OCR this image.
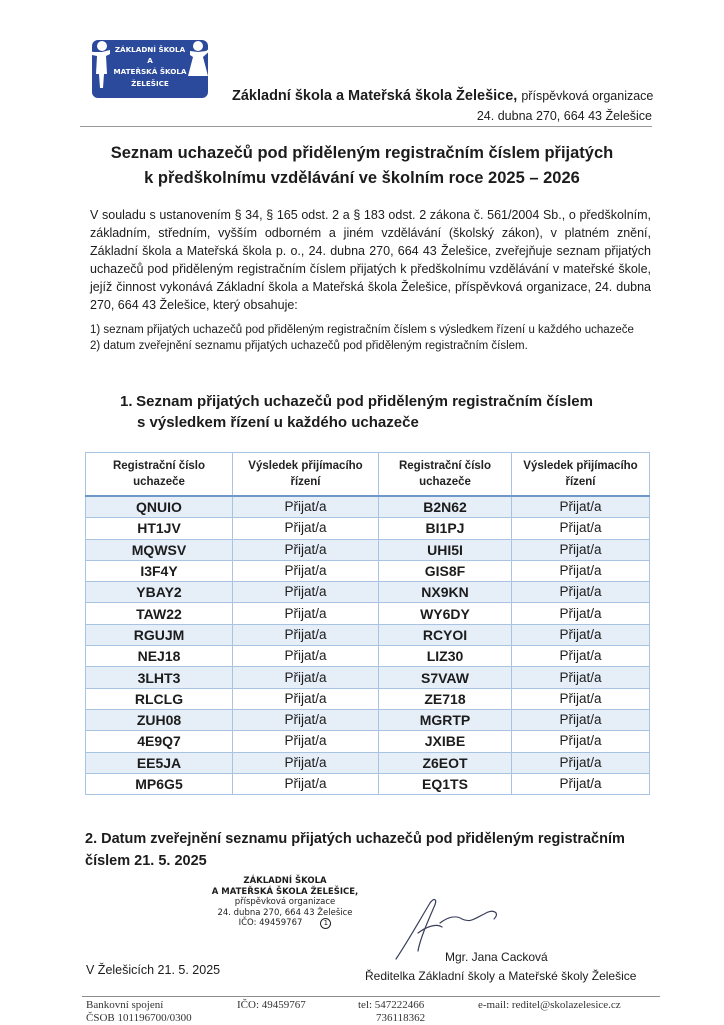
ZÁKLADNÍ ŠKOLA
A
MATEŘSKÁ ŠKOLA
ŽELEŠICE
Základní škola a Mateřská škola Želešice, příspěvková organizace
24. dubna 270, 664 43 Želešice
Seznam uchazečů pod přiděleným registračním číslem přijatých
k předškolnímu vzdělávání ve školním roce 2025 – 2026
V souladu s ustanovením § 34, § 165 odst. 2 a § 183 odst. 2 zákona č. 561/2004 Sb., o předškolním, základním, středním, vyšším odborném a jiném vzdělávání (školský zákon), v platném znění, Základní škola a Mateřská škola p. o., 24. dubna 270, 664 43 Želešice, zveřejňuje seznam přijatých uchazečů pod přiděleným registračním číslem přijatých k předškolnímu vzdělávání v mateřské škole, jejíž činnost vykonává Základní škola a Mateřská škola Želešice, příspěvková organizace, 24. dubna 270, 664 43 Želešice, který obsahuje:
1) seznam přijatých uchazečů pod přiděleným registračním číslem s výsledkem řízení u každého uchazeče
2) datum zveřejnění seznamu přijatých uchazečů pod přiděleným registračním číslem.
1. Seznam přijatých uchazečů pod přiděleným registračním číslem
s výsledkem řízení u každého uchazeče
Registrační číslo uchazeče	Výsledek přijímacího řízení	Registrační číslo uchazeče	Výsledek přijímacího řízení
QNUIO	Přijat/a	B2N62	Přijat/a
HT1JV	Přijat/a	BI1PJ	Přijat/a
MQWSV	Přijat/a	UHI5I	Přijat/a
I3F4Y	Přijat/a	GIS8F	Přijat/a
YBAY2	Přijat/a	NX9KN	Přijat/a
TAW22	Přijat/a	WY6DY	Přijat/a
RGUJM	Přijat/a	RCYOI	Přijat/a
NEJ18	Přijat/a	LIZ30	Přijat/a
3LHT3	Přijat/a	S7VAW	Přijat/a
RLCLG	Přijat/a	ZE718	Přijat/a
ZUH08	Přijat/a	MGRTP	Přijat/a
4E9Q7	Přijat/a	JXIBE	Přijat/a
EE5JA	Přijat/a	Z6EOT	Přijat/a
MP6G5	Přijat/a	EQ1TS	Přijat/a
2. Datum zveřejnění seznamu přijatých uchazečů pod přiděleným registračním
číslem 21. 5. 2025
ZÁKLADNÍ ŠKOLA
A MATEŘSKÁ ŠKOLA ŽELEŠICE,
příspěvková organizace
24. dubna 270, 664 43 Želešice
IČO: 49459767	1
Mgr. Jana Cacková
Ředitelka Základní školy a Mateřské školy Želešice
V Želešicích 21. 5. 2025
Bankovní spojení
ČSOB 101196700/0300
IČO: 49459767	tel: 547222466
736118362
e-mail: reditel@skolazelesice.cz
